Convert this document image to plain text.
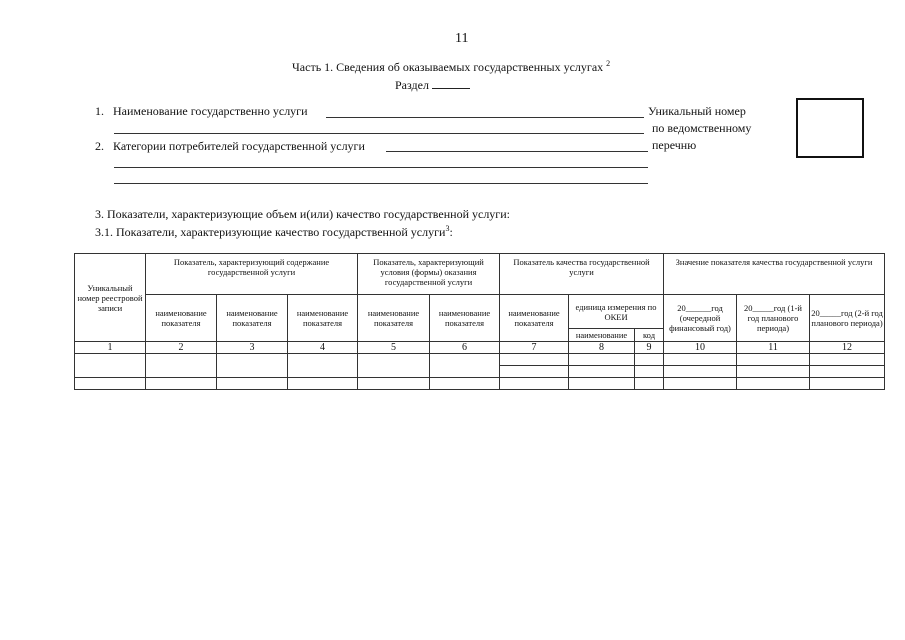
11
Часть 1. Сведения об оказываемых государственных услугах $^2$
Раздел
1. Наименование государственно услуги
2. Категории потребителей государственной услуги
Уникальный номер
по ведомственному
перечню
3. Показатели, характеризующие объем и(или) качество государственной услуги:
3.1. Показатели, характеризующие качество государственной услуги$^3$:
Уникальный номер реестровой записи	Показатель, характеризующий содержание государственной услуги			Показатель, характеризующий условия (формы) оказания государственной услуги		Показатель качества государственной услуги			Значение показателя качества государственной услуги		
	наименование показателя	наименование показателя	наименование показателя	наименование показателя	наименование показателя	наименование показателя	единица измерения по ОКЕИ		20______год (очередной финансовый год)	20_____год (1-й год планового периода)	20_____год (2-й год планового периода)
							наименование	код			
1	2	3	4	5	6	7	8	9	10	11	12
